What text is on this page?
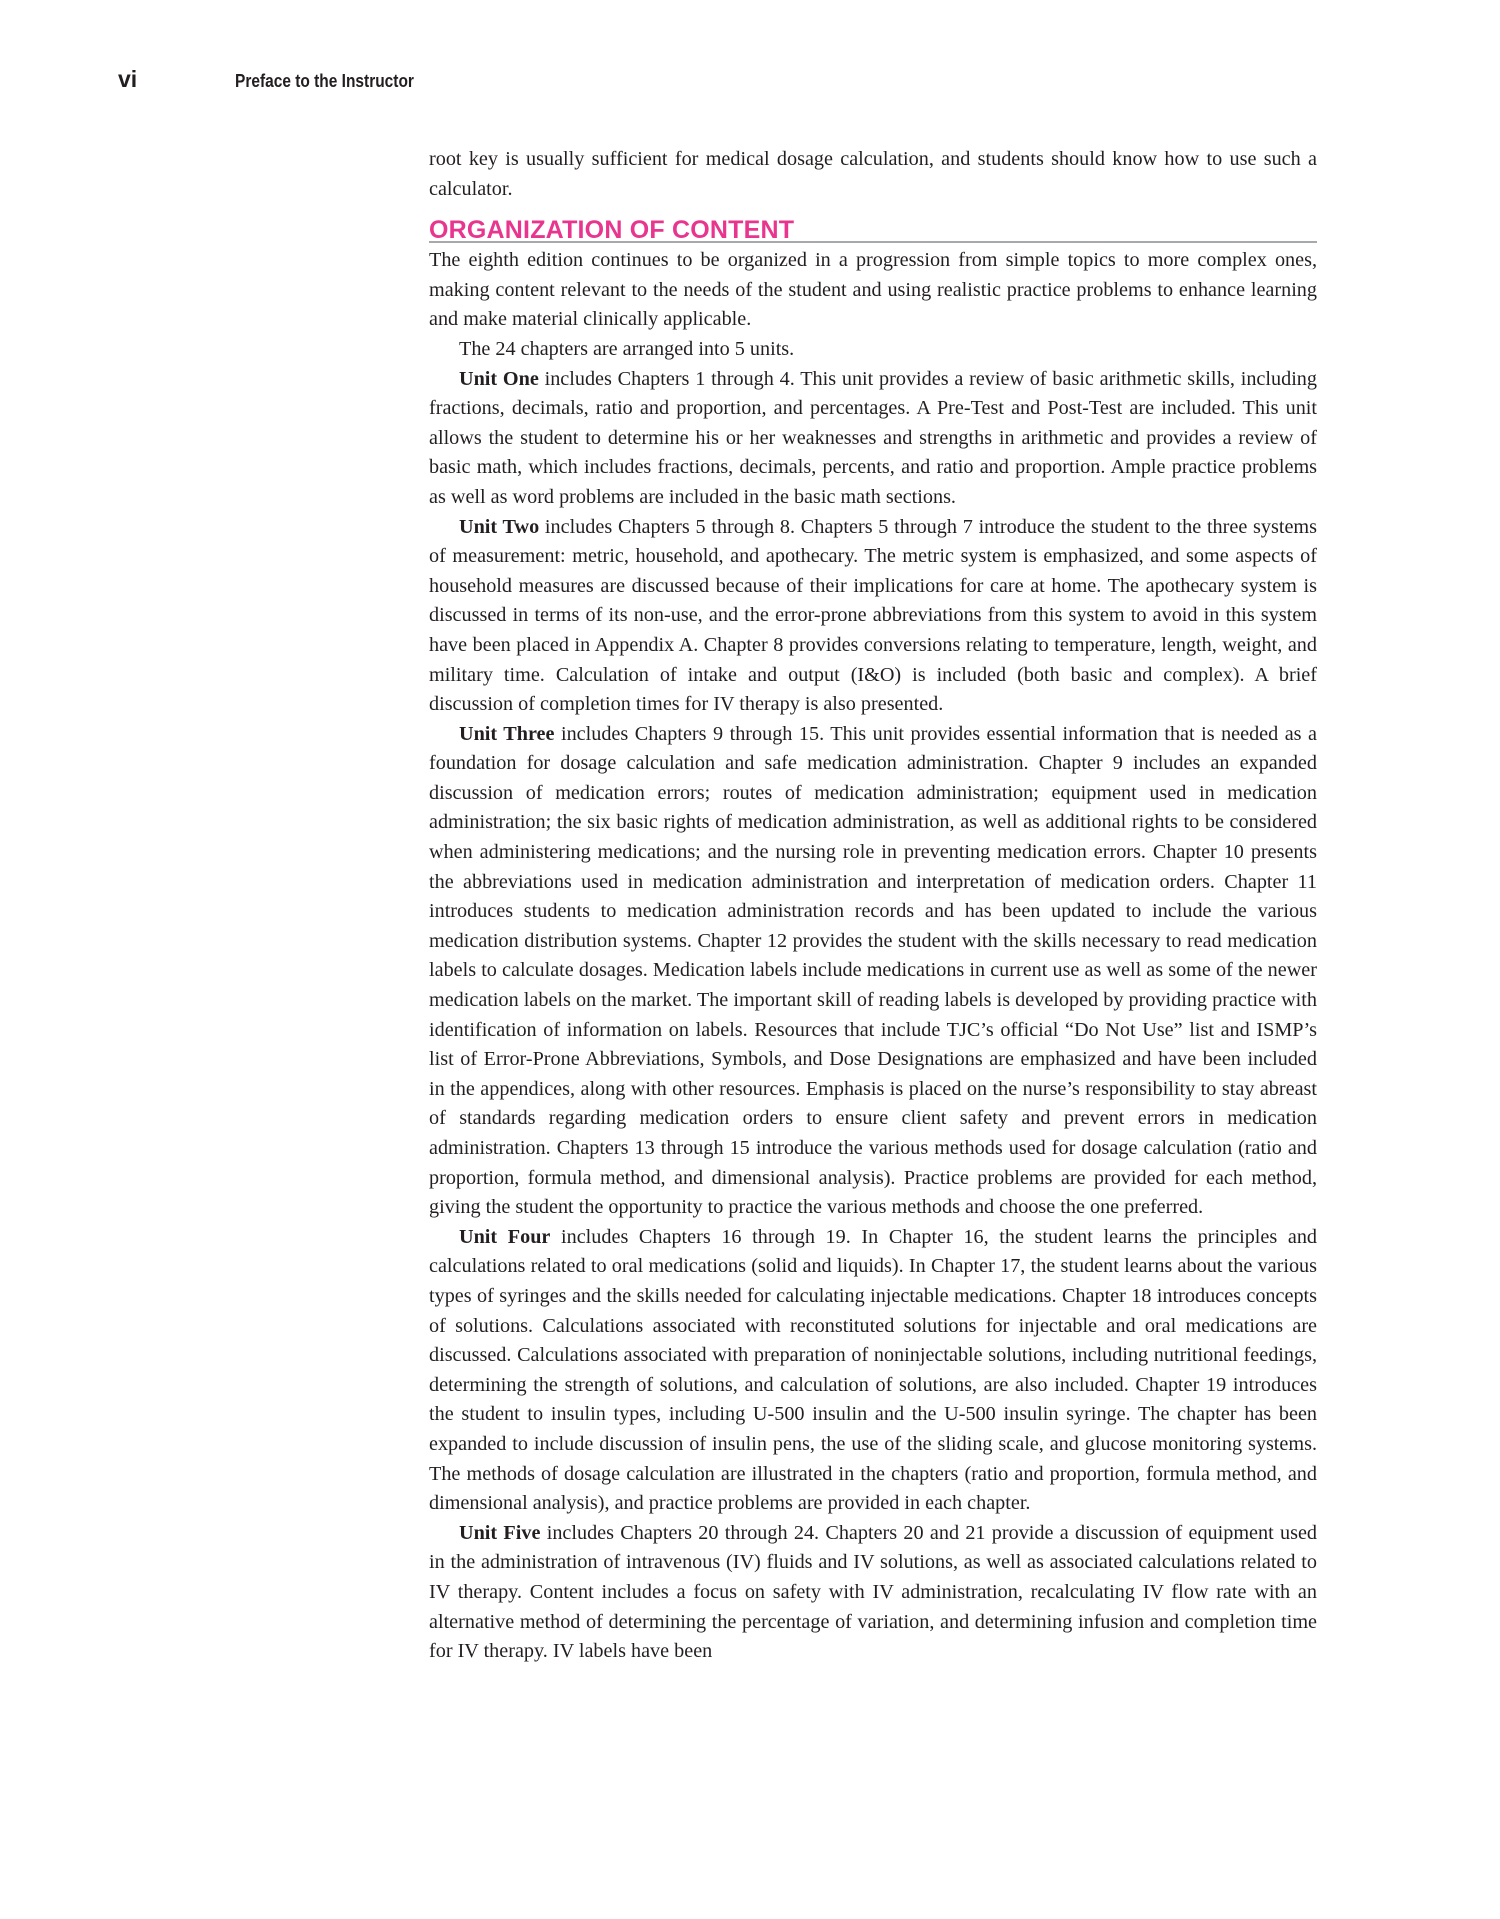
vi	Preface to the Instructor

root key is usually sufficient for medical dosage calculation, and students should know how to use such a calculator.

ORGANIZATION OF CONTENT

The eighth edition continues to be organized in a progression from simple topics to more complex ones, making content relevant to the needs of the student and using realistic practice problems to enhance learning and make material clinically applicable.

The 24 chapters are arranged into 5 units.

Unit One includes Chapters 1 through 4. This unit provides a review of basic arithmetic skills, including fractions, decimals, ratio and proportion, and percentages. A Pre-Test and Post-Test are included. This unit allows the student to determine his or her weaknesses and strengths in arithmetic and provides a review of basic math, which includes fractions, decimals, percents, and ratio and proportion. Ample practice problems as well as word problems are included in the basic math sections.

Unit Two includes Chapters 5 through 8. Chapters 5 through 7 introduce the student to the three systems of measurement: metric, household, and apothecary. The metric system is emphasized, and some aspects of household measures are discussed because of their implications for care at home. The apothecary system is discussed in terms of its non-use, and the error-prone abbreviations from this system to avoid in this system have been placed in Appendix A. Chapter 8 provides conversions relating to temperature, length, weight, and military time. Calculation of intake and output (I&O) is included (both basic and complex). A brief discussion of completion times for IV therapy is also presented.

Unit Three includes Chapters 9 through 15. This unit provides essential information that is needed as a foundation for dosage calculation and safe medication administration. Chapter 9 includes an expanded discussion of medication errors; routes of medication administration; equipment used in medication administration; the six basic rights of medication administration, as well as additional rights to be considered when administering medications; and the nursing role in preventing medication errors. Chapter 10 presents the abbreviations used in medication administration and interpretation of medication orders. Chapter 11 introduces students to medication administration records and has been updated to include the various medication distribution systems. Chapter 12 provides the student with the skills necessary to read medication labels to calculate dosages. Medication labels include medications in current use as well as some of the newer medication labels on the market. The important skill of reading labels is developed by providing practice with identification of information on labels. Resources that include TJC’s official “Do Not Use” list and ISMP’s list of Error-Prone Abbreviations, Symbols, and Dose Designations are emphasized and have been included in the appendices, along with other resources. Emphasis is placed on the nurse’s responsibility to stay abreast of standards regarding medication orders to ensure client safety and prevent errors in medication administration. Chapters 13 through 15 introduce the various methods used for dosage calculation (ratio and proportion, formula method, and dimensional analysis). Practice problems are provided for each method, giving the student the opportunity to practice the various methods and choose the one preferred.

Unit Four includes Chapters 16 through 19. In Chapter 16, the student learns the principles and calculations related to oral medications (solid and liquids). In Chapter 17, the student learns about the various types of syringes and the skills needed for calculating injectable medications. Chapter 18 introduces concepts of solutions. Calculations associated with reconstituted solutions for injectable and oral medications are discussed. Calculations associated with preparation of noninjectable solutions, including nutritional feedings, determining the strength of solutions, and calculation of solutions, are also included. Chapter 19 introduces the student to insulin types, including U-500 insulin and the U-500 insulin syringe. The chapter has been expanded to include discussion of insulin pens, the use of the sliding scale, and glucose monitoring systems. The methods of dosage calculation are illustrated in the chapters (ratio and proportion, formula method, and dimensional analysis), and practice problems are provided in each chapter.

Unit Five includes Chapters 20 through 24. Chapters 20 and 21 provide a discussion of equipment used in the administration of intravenous (IV) fluids and IV solutions, as well as associated calculations related to IV therapy. Content includes a focus on safety with IV administration, recalculating IV flow rate with an alternative method of determining the percentage of variation, and determining infusion and completion time for IV therapy. IV labels have been
